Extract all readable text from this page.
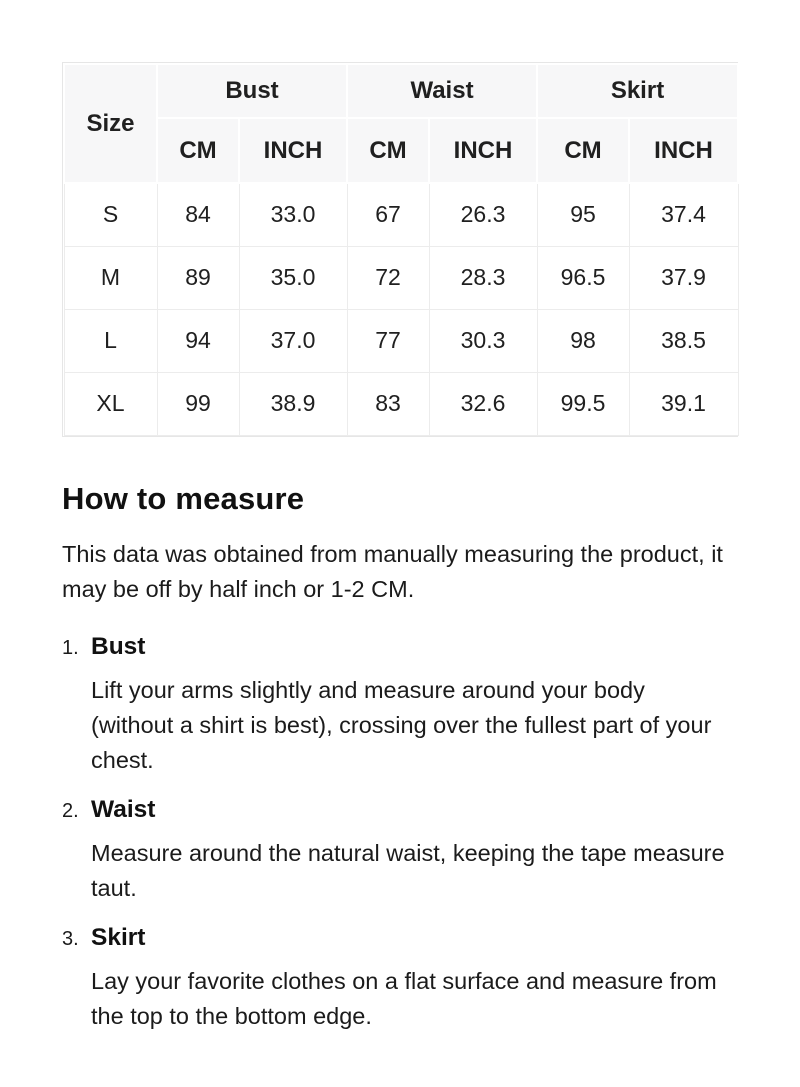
Size	Bust		Waist		Skirt	
	CM	INCH	CM	INCH	CM	INCH
S	84	33.0	67	26.3	95	37.4
M	89	35.0	72	28.3	96.5	37.9
L	94	37.0	77	30.3	98	38.5
XL	99	38.9	83	32.6	99.5	39.1
How to measure

This data was obtained from manually measuring the product, it may be off by half inch or 1-2 CM.

1. Bust

Lift your arms slightly and measure around your body (without a shirt is best), crossing over the fullest part of your chest.

2. Waist

Measure around the natural waist, keeping the tape measure taut.

3. Skirt

Lay your favorite clothes on a flat surface and measure from the top to the bottom edge.
